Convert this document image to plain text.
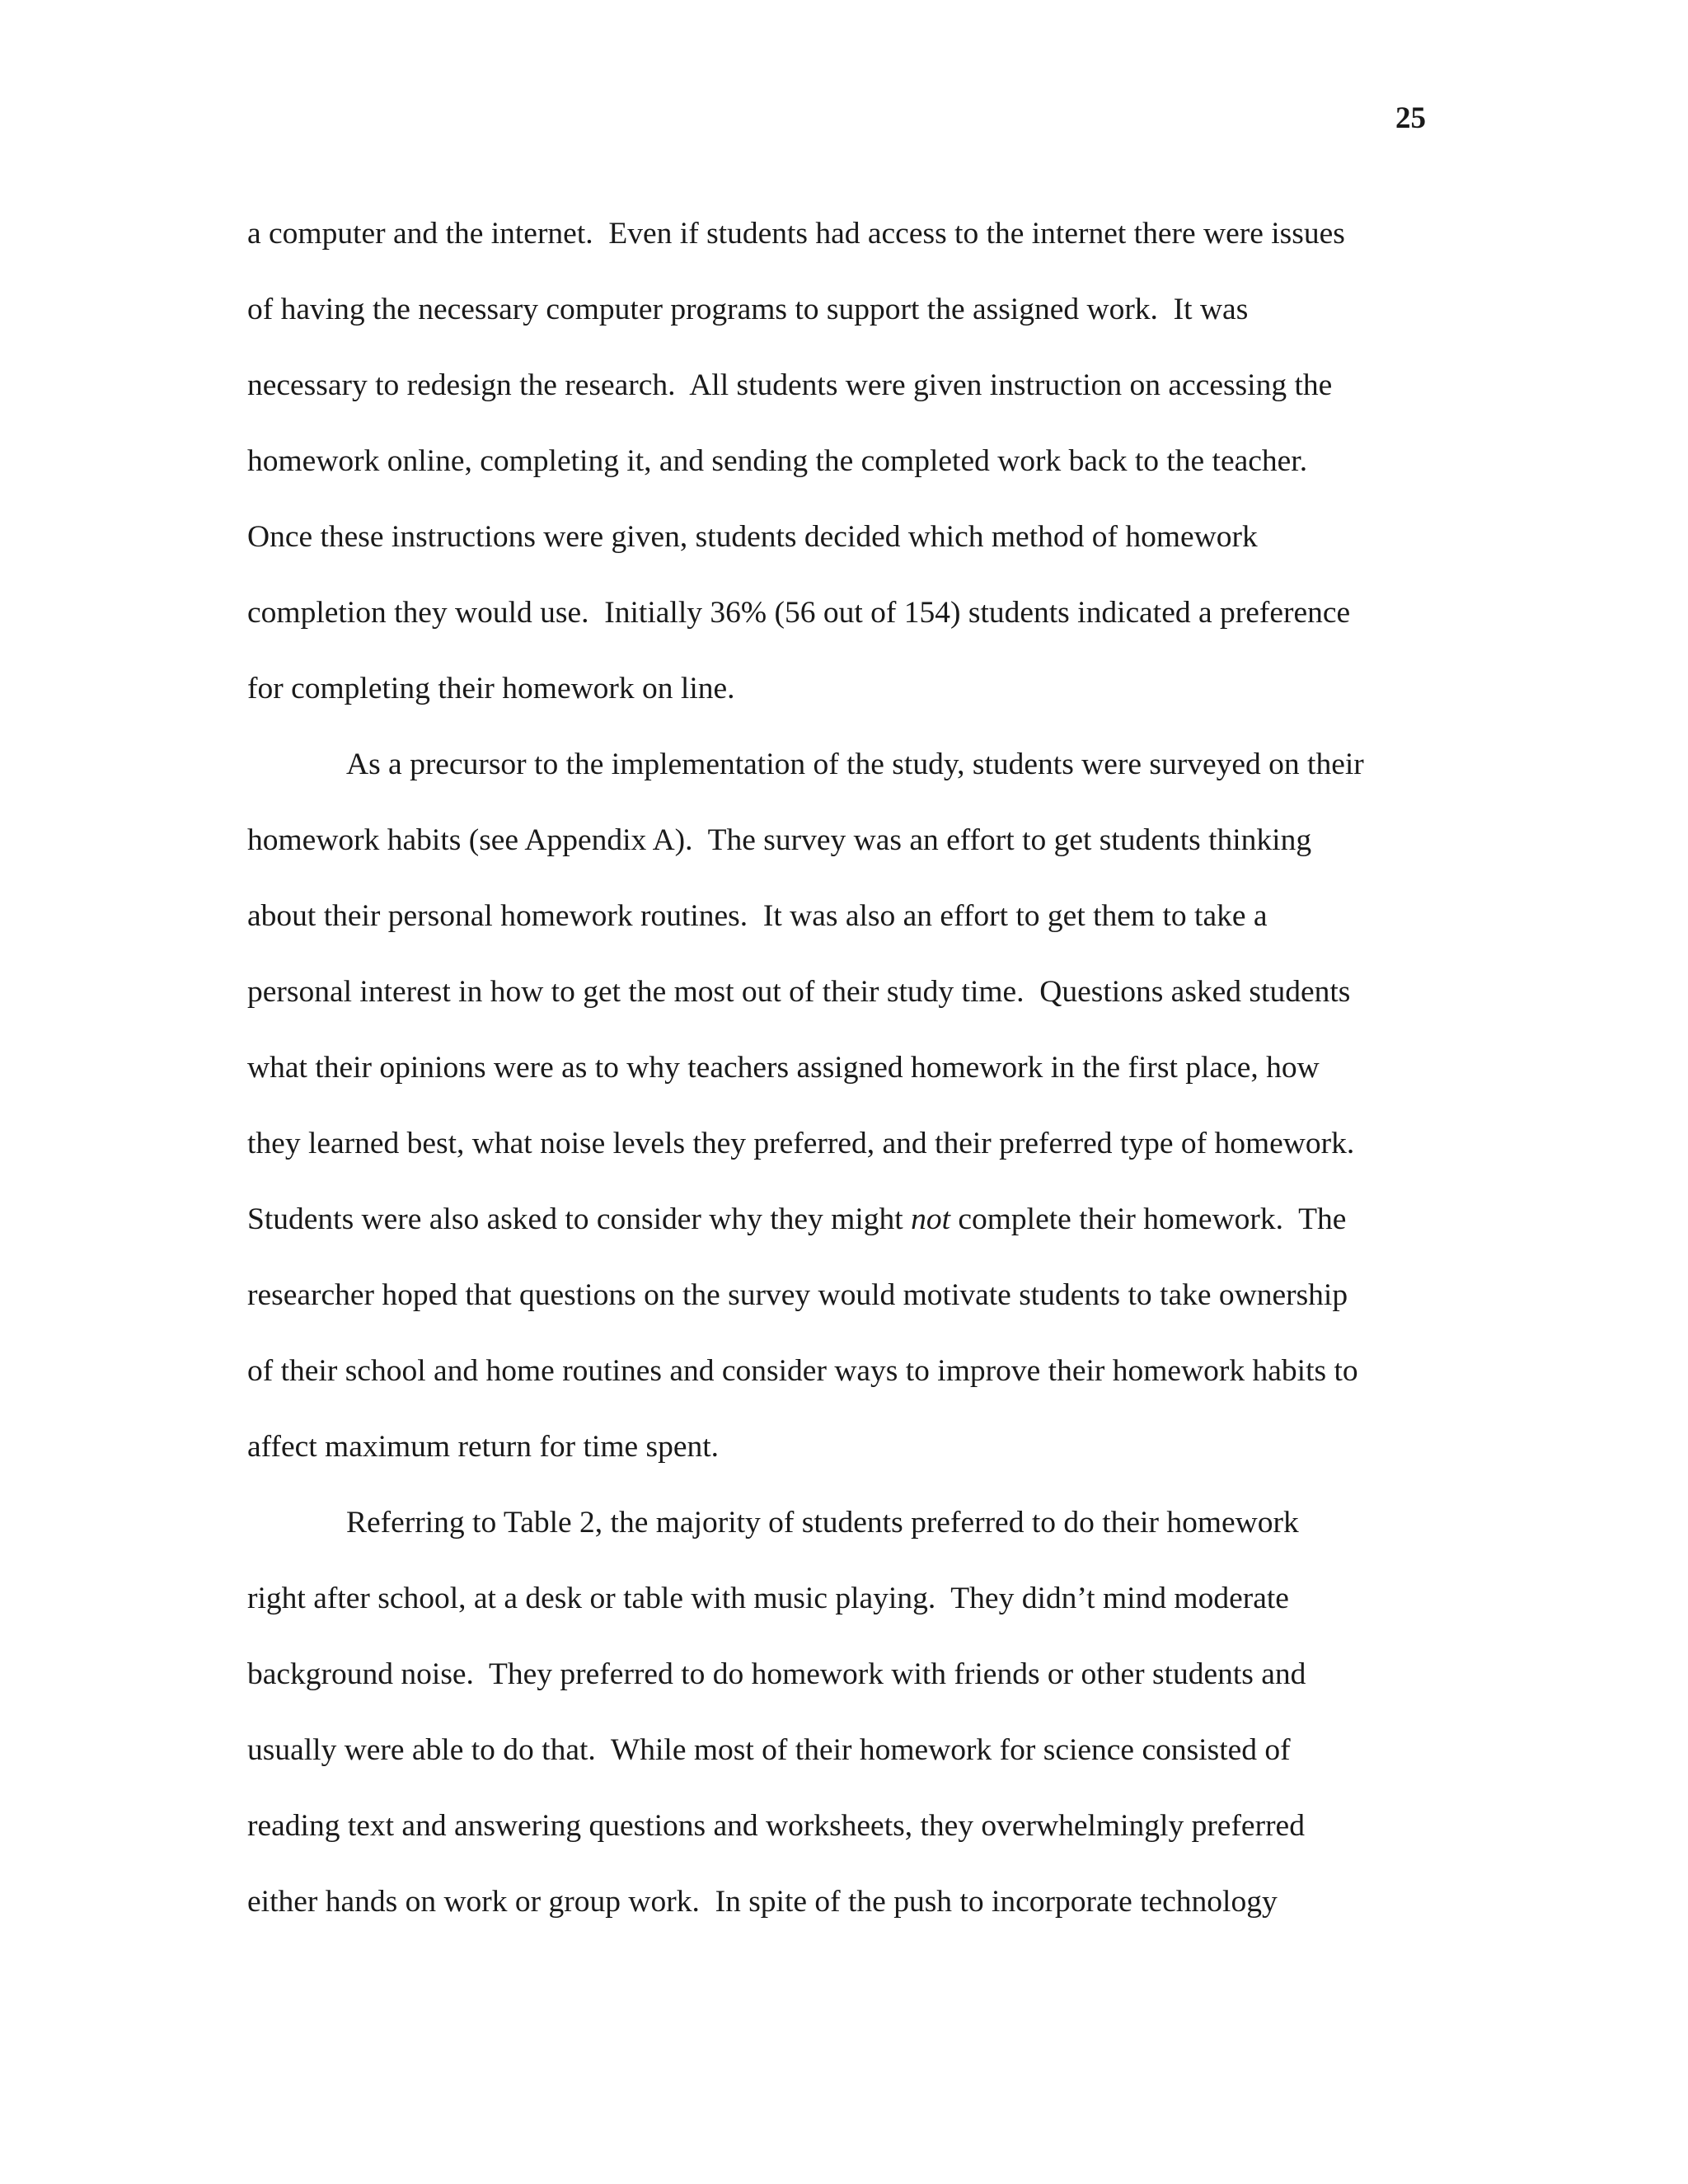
25
a computer and the internet.  Even if students had access to the internet there were issues
of having the necessary computer programs to support the assigned work.  It was
necessary to redesign the research.  All students were given instruction on accessing the
homework online, completing it, and sending the completed work back to the teacher.
Once these instructions were given, students decided which method of homework
completion they would use.  Initially 36% (56 out of 154) students indicated a preference
for completing their homework on line.
As a precursor to the implementation of the study, students were surveyed on their
homework habits (see Appendix A).  The survey was an effort to get students thinking
about their personal homework routines.  It was also an effort to get them to take a
personal interest in how to get the most out of their study time.  Questions asked students
what their opinions were as to why teachers assigned homework in the first place, how
they learned best, what noise levels they preferred, and their preferred type of homework.
Students were also asked to consider why they might not complete their homework.  The
researcher hoped that questions on the survey would motivate students to take ownership
of their school and home routines and consider ways to improve their homework habits to
affect maximum return for time spent.
Referring to Table 2, the majority of students preferred to do their homework
right after school, at a desk or table with music playing.  They didn’t mind moderate
background noise.  They preferred to do homework with friends or other students and
usually were able to do that.  While most of their homework for science consisted of
reading text and answering questions and worksheets, they overwhelmingly preferred
either hands on work or group work.  In spite of the push to incorporate technology
